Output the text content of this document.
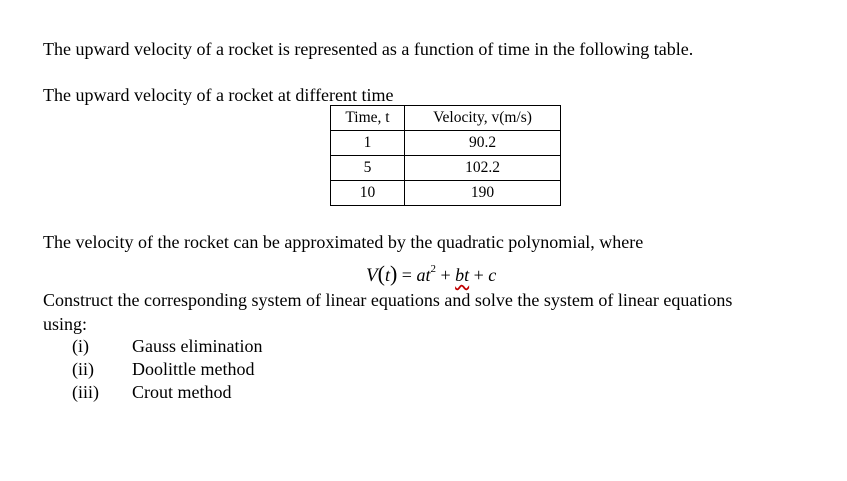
The upward velocity of a rocket is represented as a function of time in the following table.
The upward velocity of a rocket at different time
Time, t	Velocity, v(m/s)
1	90.2
5	102.2
10	190
The velocity of the rocket can be approximated by the quadratic polynomial, where
$V(t) = at^2$ + bt + c
Construct the corresponding system of linear equations and solve the system of linear equations
using:
(i) Gauss elimination
(ii) Doolittle method
(iii) Crout method
